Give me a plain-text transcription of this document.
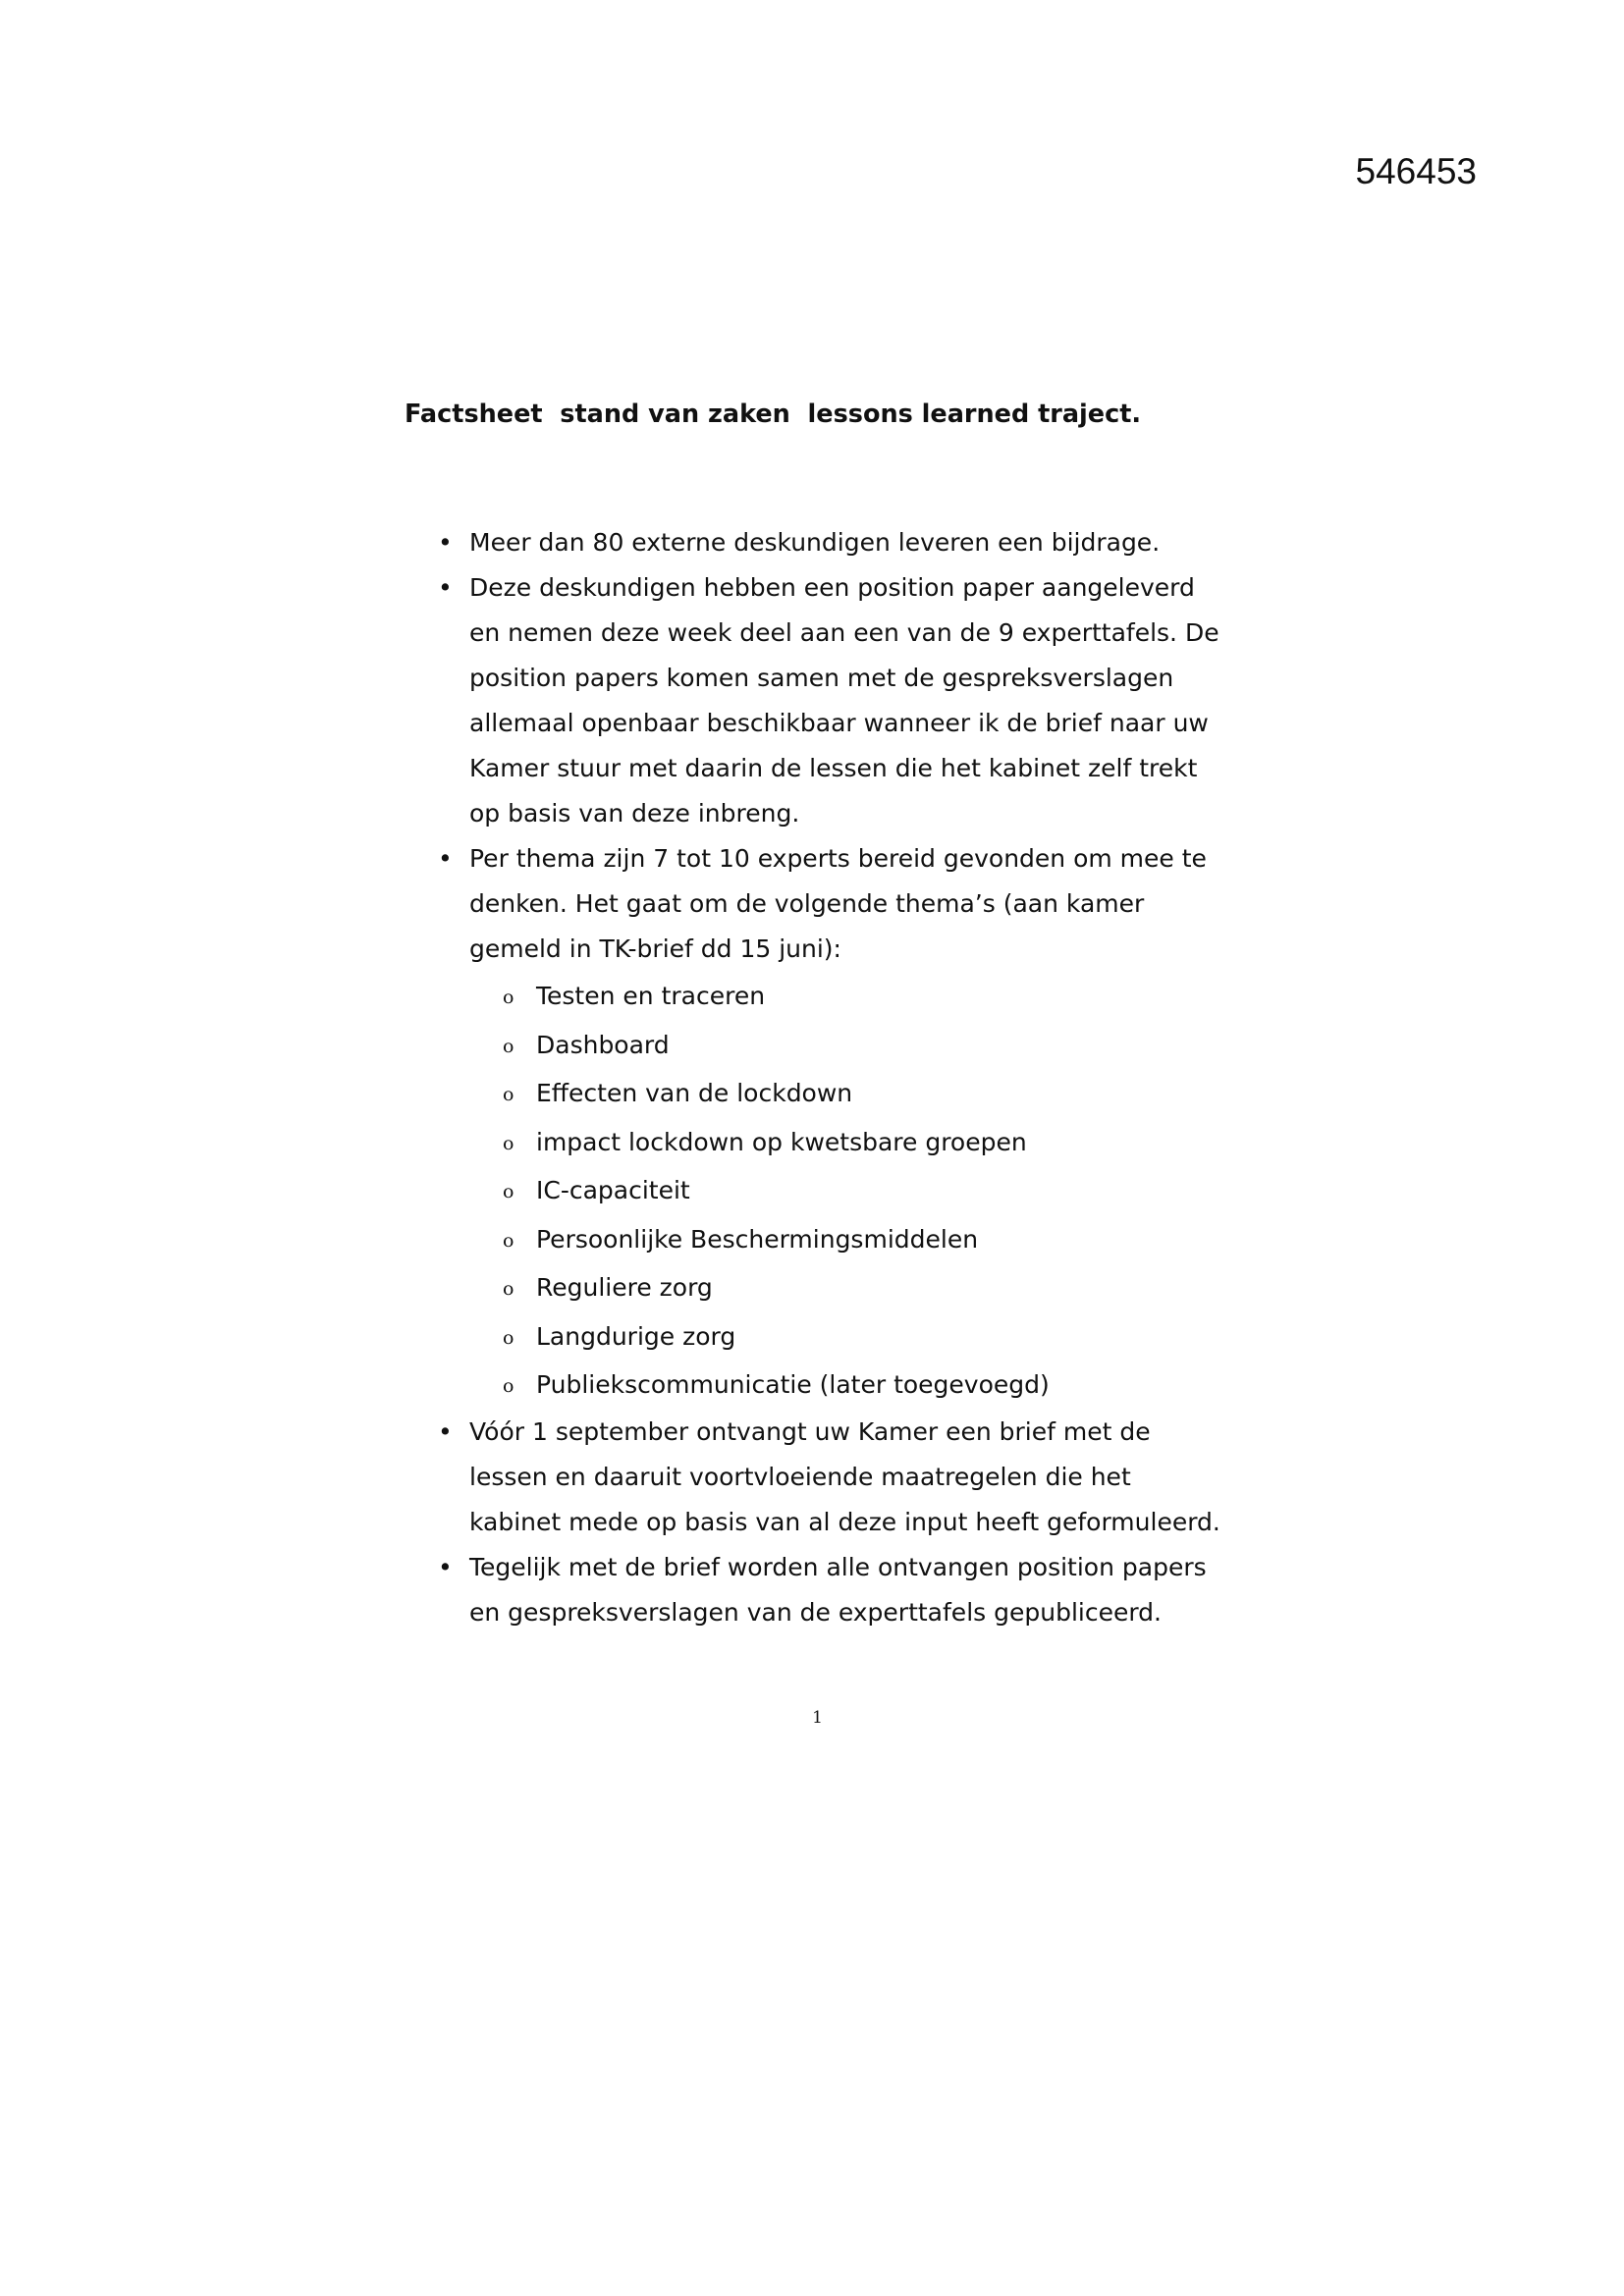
546453
Factsheet  stand van zaken  lessons learned traject.
• Meer dan 80 externe deskundigen leveren een bijdrage.
• Deze deskundigen hebben een position paper aangeleverd
en nemen deze week deel aan een van de 9 experttafels. De
position papers komen samen met de gespreksverslagen
allemaal openbaar beschikbaar wanneer ik de brief naar uw
Kamer stuur met daarin de lessen die het kabinet zelf trekt
op basis van deze inbreng.
• Per thema zijn 7 tot 10 experts bereid gevonden om mee te
denken. Het gaat om de volgende thema’s (aan kamer
gemeld in TK-brief dd 15 juni):
o Testen en traceren
o Dashboard
o Effecten van de lockdown
o impact lockdown op kwetsbare groepen
o IC-capaciteit
o Persoonlijke Beschermingsmiddelen
o Reguliere zorg
o Langdurige zorg
o Publiekscommunicatie (later toegevoegd)
• Vóór 1 september ontvangt uw Kamer een brief met de
lessen en daaruit voortvloeiende maatregelen die het
kabinet mede op basis van al deze input heeft geformuleerd.
• Tegelijk met de brief worden alle ontvangen position papers
en gespreksverslagen van de experttafels gepubliceerd.
1
